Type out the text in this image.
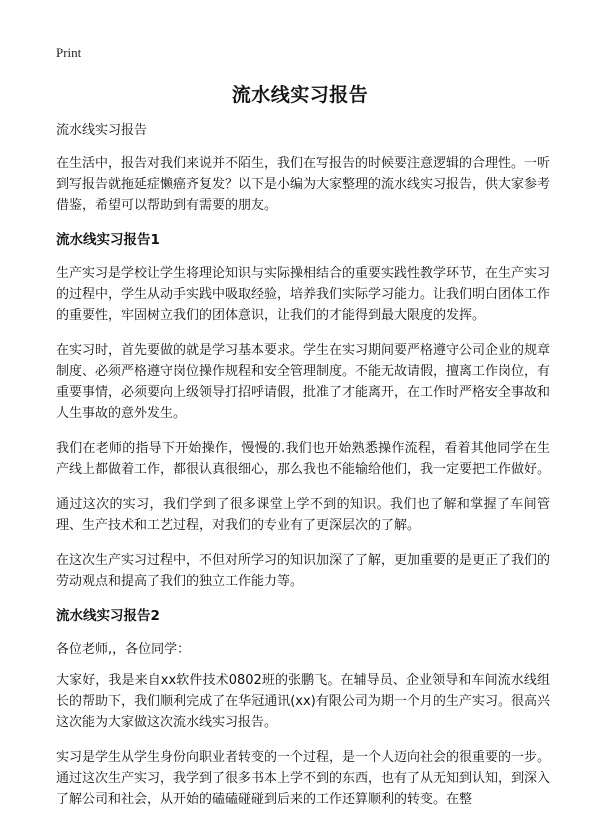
Print
流水线实习报告

流水线实习报告

在生活中，报告对我们来说并不陌生，我们在写报告的时候要注意逻辑的合理性。一听到写报告就拖延症懒癌齐复发？以下是小编为大家整理的流水线实习报告，供大家参考借鉴，希望可以帮助到有需要的朋友。

流水线实习报告1

生产实习是学校让学生将理论知识与实际操相结合的重要实践性教学环节，在生产实习的过程中，学生从动手实践中吸取经验，培养我们实际学习能力。让我们明白团体工作的重要性，牢固树立我们的团体意识，让我们的才能得到最大限度的发挥。

在实习时，首先要做的就是学习基本要求。学生在实习期间要严格遵守公司企业的规章制度、必须严格遵守岗位操作规程和安全管理制度。不能无故请假，擅离工作岗位，有重要事情，必须要向上级领导打招呼请假，批准了才能离开，在工作时严格安全事故和人生事故的意外发生。

我们在老师的指导下开始操作，慢慢的.我们也开始熟悉操作流程，看着其他同学在生产线上都做着工作，都很认真很细心，那么我也不能输给他们，我一定要把工作做好。

通过这次的实习，我们学到了很多课堂上学不到的知识。我们也了解和掌握了车间管理、生产技术和工艺过程，对我们的专业有了更深层次的了解。

在这次生产实习过程中，不但对所学习的知识加深了了解，更加重要的是更正了我们的劳动观点和提高了我们的独立工作能力等。

流水线实习报告2

各位老师,，各位同学：

大家好，我是来自xx软件技术0802班的张鹏飞。在辅导员、企业领导和车间流水线组长的帮助下，我们顺利完成了在华冠通讯(xx)有限公司为期一个月的生产实习。很高兴这次能为大家做这次流水线实习报告。

实习是学生从学生身份向职业者转变的一个过程，是一个人迈向社会的很重要的一步。通过这次生产实习，我学到了很多书本上学不到的东西，也有了从无知到认知，到深入了解公司和社会，从开始的磕磕碰碰到后来的工作还算顺利的转变。在整
